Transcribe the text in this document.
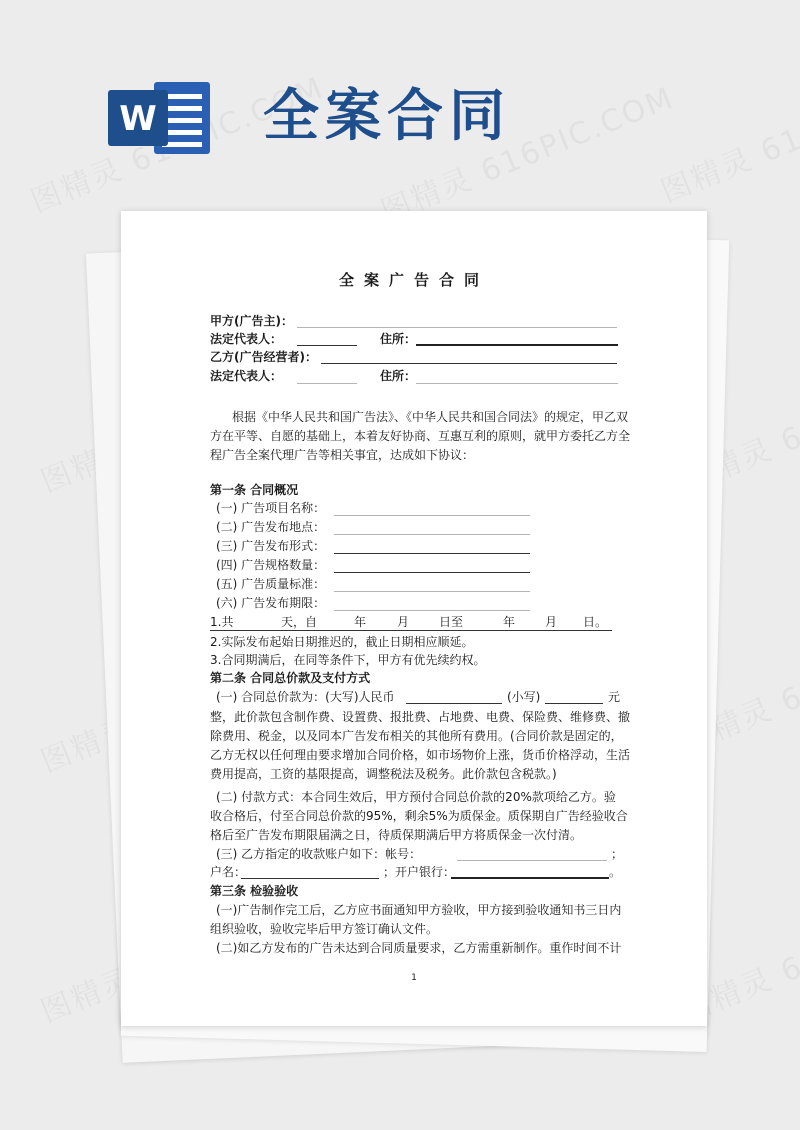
W 全案合同
全案广告合同
甲方(广告主)：
法定代表人：	住所：
乙方(广告经营者)：
法定代表人：	住所：
根据《中华人民共和国广告法》、《中华人民共和国合同法》的规定，甲乙双
方在平等、自愿的基础上，本着友好协商、互惠互利的原则，就甲方委托乙方全
程广告全案代理广告等相关事宜，达成如下协议：
第一条 合同概况
(一) 广告项目名称：
(二) 广告发布地点：
(三) 广告发布形式：
(四) 广告规格数量：
(五) 广告质量标准：
(六) 广告发布期限：
1.共	天，自	年	月 日至	年 月 日。
2.实际发布起始日期推迟的，截止日期相应顺延。
3.合同期满后，在同等条件下，甲方有优先续约权。
第二条 合同总价款及支付方式
(一) 合同总价款为：(大写)人民币	(小写)	元
整，此价款包含制作费、设置费、报批费、占地费、电费、保险费、维修费、撤
除费用、税金，以及同本广告发布相关的其他所有费用。(合同价款是固定的，
乙方无权以任何理由要求增加合同价格，如市场物价上涨，货币价格浮动，生活
费用提高，工资的基限提高，调整税法及税务。此价款包含税款。)
(二) 付款方式：本合同生效后，甲方预付合同总价款的20%款项给乙方。验
收合格后，付至合同总价款的95%，剩余5%为质保金。质保期自广告经验收合
格后至广告发布期限届满之日，待质保期满后甲方将质保金一次付清。
(三) 乙方指定的收款账户如下：帐号：	；
户名：	；开户银行：	。
第三条 检验验收
(一)广告制作完工后，乙方应书面通知甲方验收，甲方接到验收通知书三日内
组织验收，验收完毕后甲方签订确认文件。
(二)如乙方发布的广告未达到合同质量要求，乙方需重新制作。重作时间不计
1
